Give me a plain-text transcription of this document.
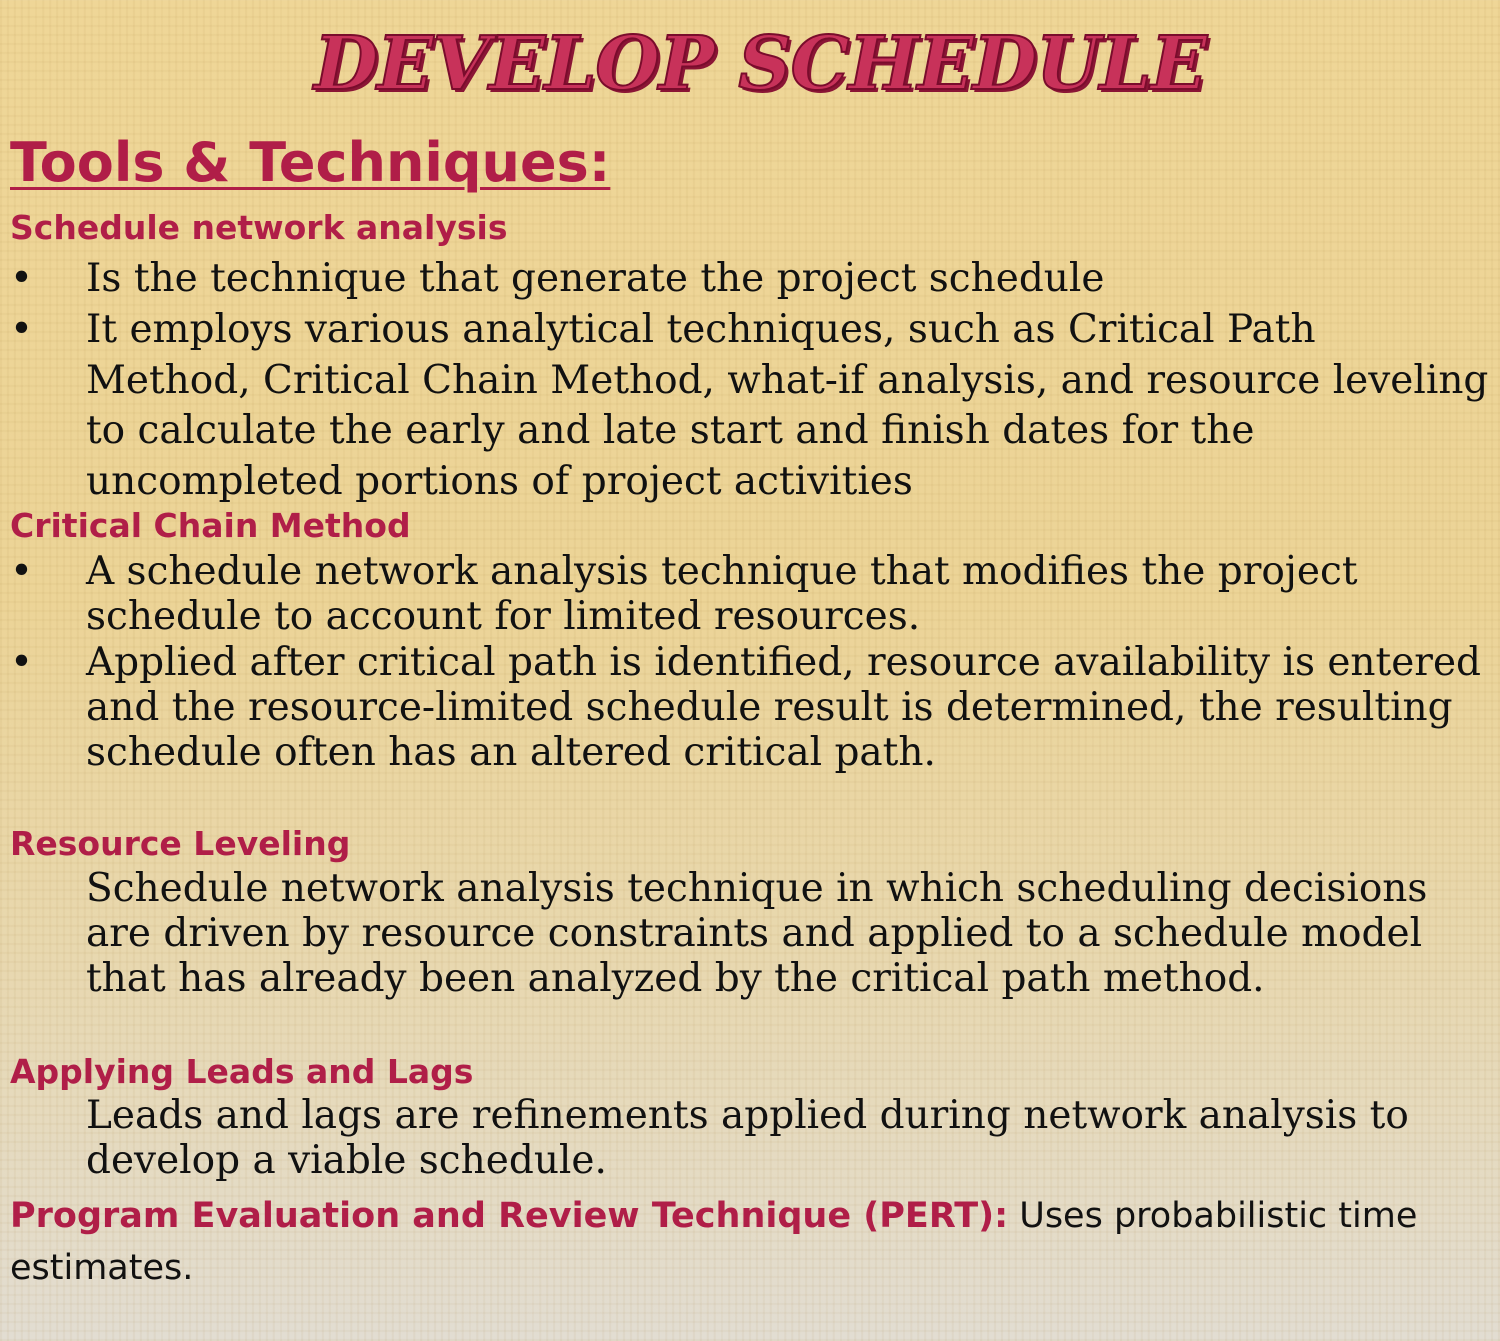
DEVELOP SCHEDULE
Tools & Techniques:
Schedule network analysis
• Is the technique that generate the project schedule
• It employs various analytical techniques, such as Critical Path Method, Critical Chain Method, what-if analysis, and resource leveling to calculate the early and late start and finish dates for the uncompleted portions of project activities
Critical Chain Method
• A schedule network analysis technique that modifies the project schedule to account for limited resources.
• Applied after critical path is identified, resource availability is entered and the resource-limited schedule result is determined, the resulting schedule often has an altered critical path.
Resource Leveling

Schedule network analysis technique in which scheduling decisions are driven by resource constraints and applied to a schedule model that has already been analyzed by the critical path method.

Applying Leads and Lags

Leads and lags are refinements applied during network analysis to develop a viable schedule.

Program Evaluation and Review Technique (PERT): Uses probabilistic time estimates.
